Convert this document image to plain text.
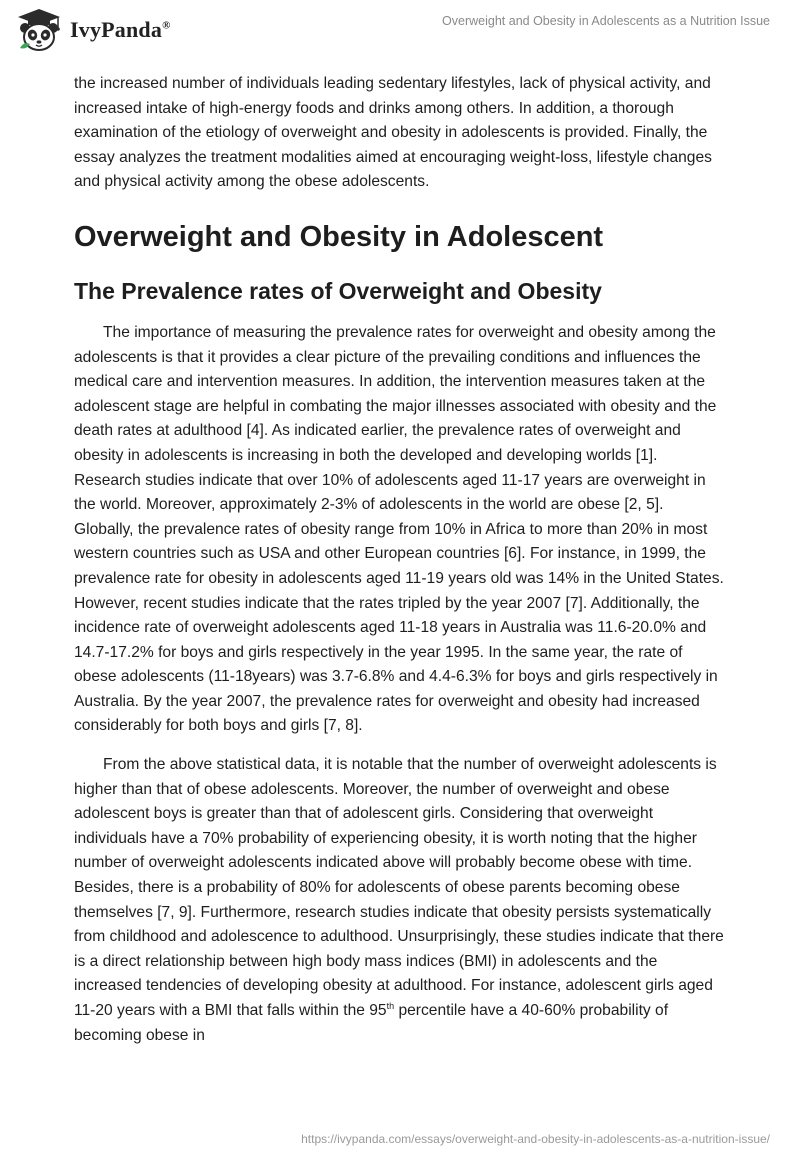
IvyPanda®	Overweight and Obesity in Adolescents as a Nutrition Issue

the increased number of individuals leading sedentary lifestyles, lack of physical activity, and increased intake of high-energy foods and drinks among others. In addition, a thorough examination of the etiology of overweight and obesity in adolescents is provided. Finally, the essay analyzes the treatment modalities aimed at encouraging weight-loss, lifestyle changes and physical activity among the obese adolescents.

Overweight and Obesity in Adolescent
The Prevalence rates of Overweight and Obesity

The importance of measuring the prevalence rates for overweight and obesity among the adolescents is that it provides a clear picture of the prevailing conditions and influences the medical care and intervention measures. In addition, the intervention measures taken at the adolescent stage are helpful in combating the major illnesses associated with obesity and the death rates at adulthood [4]. As indicated earlier, the prevalence rates of overweight and obesity in adolescents is increasing in both the developed and developing worlds [1]. Research studies indicate that over 10% of adolescents aged 11-17 years are overweight in the world. Moreover, approximately 2-3% of adolescents in the world are obese [2, 5]. Globally, the prevalence rates of obesity range from 10% in Africa to more than 20% in most western countries such as USA and other European countries [6]. For instance, in 1999, the prevalence rate for obesity in adolescents aged 11-19 years old was 14% in the United States. However, recent studies indicate that the rates tripled by the year 2007 [7]. Additionally, the incidence rate of overweight adolescents aged 11-18 years in Australia was 11.6-20.0% and 14.7-17.2% for boys and girls respectively in the year 1995. In the same year, the rate of obese adolescents (11-18years) was 3.7-6.8% and 4.4-6.3% for boys and girls respectively in Australia. By the year 2007, the prevalence rates for overweight and obesity had increased considerably for both boys and girls [7, 8].

From the above statistical data, it is notable that the number of overweight adolescents is higher than that of obese adolescents. Moreover, the number of overweight and obese adolescent boys is greater than that of adolescent girls. Considering that overweight individuals have a 70% probability of experiencing obesity, it is worth noting that the higher number of overweight adolescents indicated above will probably become obese with time. Besides, there is a probability of 80% for adolescents of obese parents becoming obese themselves [7, 9]. Furthermore, research studies indicate that obesity persists systematically from childhood and adolescence to adulthood. Unsurprisingly, these studies indicate that there is a direct relationship between high body mass indices (BMI) in adolescents and the increased tendencies of developing obesity at adulthood. For instance, adolescent girls aged 11-20 years with a BMI that falls within the 95th percentile have a 40-60% probability of becoming obese in

https://ivypanda.com/essays/overweight-and-obesity-in-adolescents-as-a-nutrition-issue/
